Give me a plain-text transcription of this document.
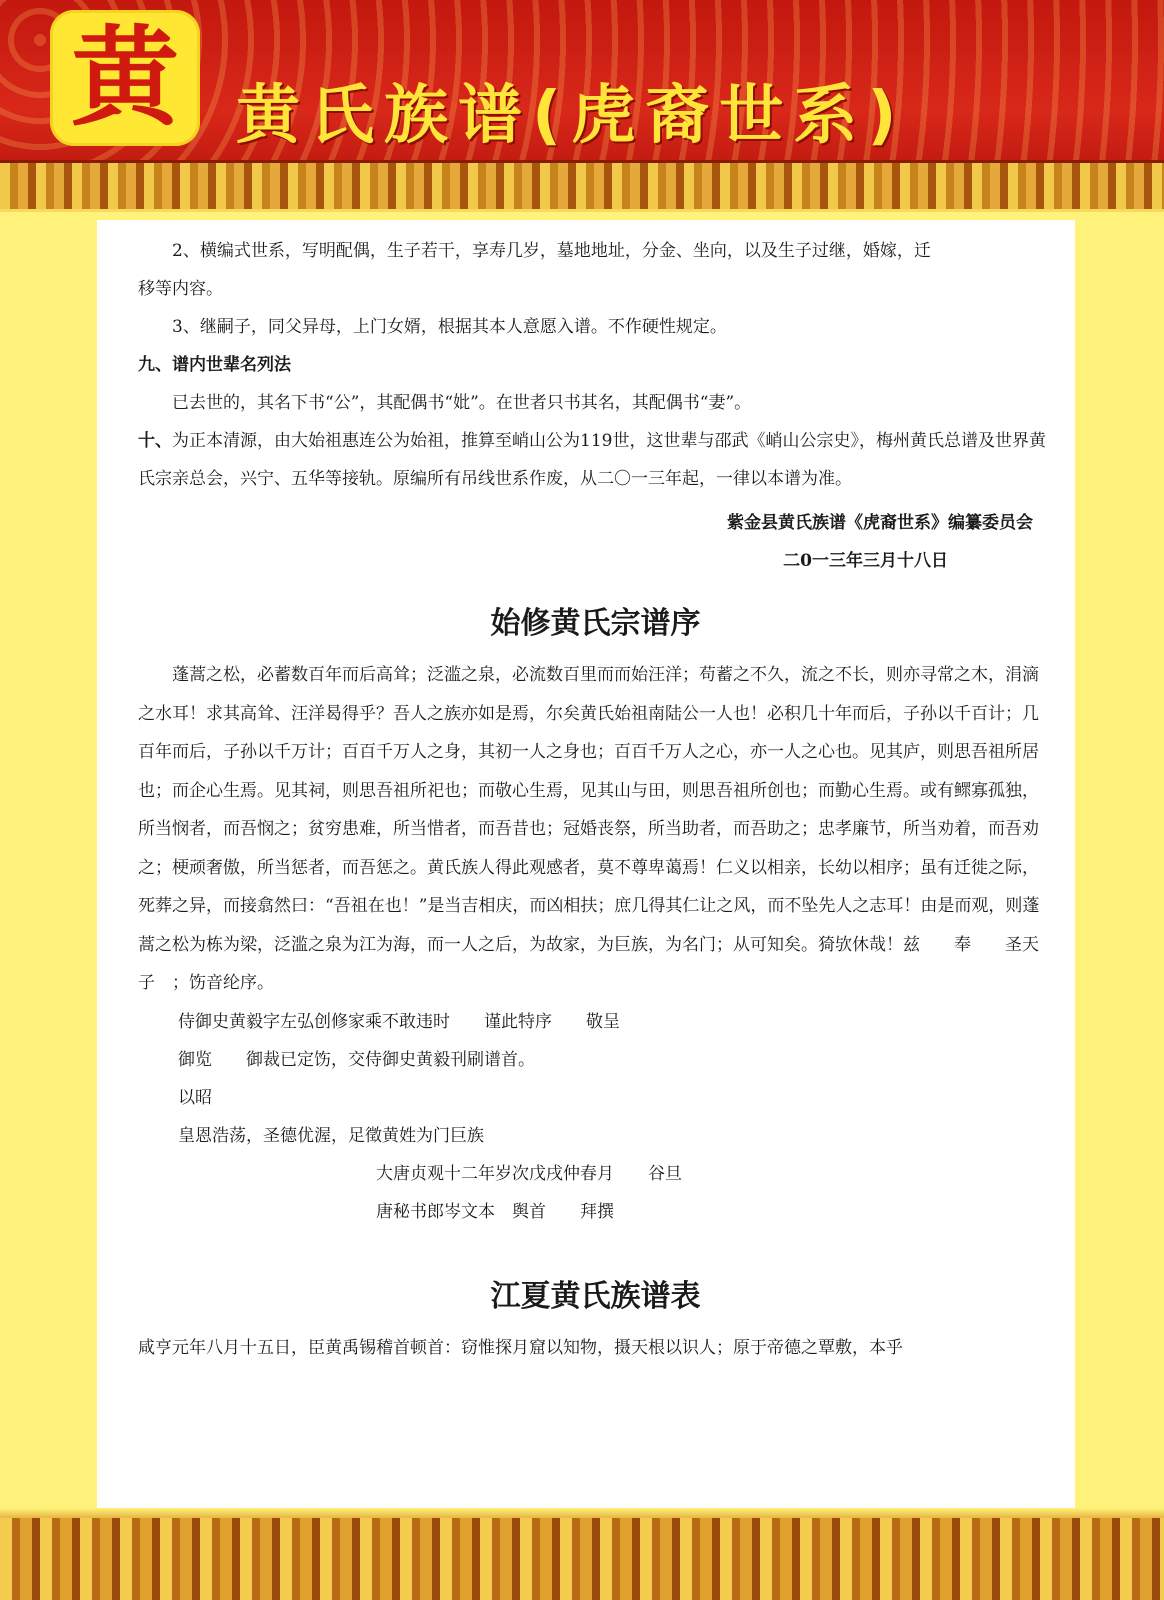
黄 黄氏族谱(虎裔世系)

2、横编式世系，写明配偶，生子若干，享寿几岁，墓地地址，分金、坐向，以及生子过继，婚嫁，迁

移等内容。

3、继嗣子，同父异母，上门女婿，根据其本人意愿入谱。不作硬性规定。

九、谱内世辈名列法

已去世的，其名下书“公”，其配偶书“妣”。在世者只书其名，其配偶书“妻”。

十、为正本清源，由大始祖惠连公为始祖，推算至峭山公为119世，这世辈与邵武《峭山公宗史》，梅州黄氏总谱及世界黄氏宗亲总会，兴宁、五华等接轨。原编所有吊线世系作废，从二〇一三年起，一律以本谱为准。

紫金县黄氏族谱《虎裔世系》编纂委员会

二0一三年三月十八日

始修黄氏宗谱序

蓬蒿之松，必蓄数百年而后高耸；泛滥之泉，必流数百里而而始汪洋；苟蓄之不久，流之不长，则亦寻常之木，涓滴之水耳！求其高耸、汪洋曷得乎？吾人之族亦如是焉，尔矣黄氏始祖南陆公一人也！必积几十年而后，子孙以千百计；几百年而后，子孙以千万计；百百千万人之身，其初一人之身也；百百千万人之心，亦一人之心也。见其庐，则思吾祖所居也；而企心生焉。见其祠，则思吾祖所祀也；而敬心生焉，见其山与田，则思吾祖所创也；而勤心生焉。或有鳏寡孤独，所当悯者，而吾悯之；贫穷患难，所当惜者，而吾昔也；冠婚丧祭，所当助者，而吾助之；忠孝廉节，所当劝着，而吾劝之；梗顽奢傲，所当惩者，而吾惩之。黄氏族人得此观感者，莫不尊卑蔼焉！仁义以相亲，长幼以相序；虽有迁徙之际，死葬之异，而接翕然曰：“吾祖在也！”是当吉相庆，而凶相扶；庶几得其仁让之风，而不坠先人之志耳！由是而观，则蓬蒿之松为栋为梁，泛滥之泉为江为海，而一人之后，为故家，为巨族，为名门；从可知矣。猗欤休哉！兹　　奉　　圣天子　；饬音纶序。

侍御史黄毅字左弘创修家乘不敢违时　　谨此特序　　敬呈

御览　　御裁已定饬，交侍御史黄毅刊刷谱首。

以昭

皇恩浩荡，圣德优渥，足徵黄姓为门巨族

大唐贞观十二年岁次戊戌仲春月　　谷旦

唐秘书郎岑文本　舆首　　拜撰

江夏黄氏族谱表

咸亨元年八月十五日，臣黄禹锡稽首顿首：窃惟探月窟以知物，摄天根以识人；原于帝德之覃敷，本乎
